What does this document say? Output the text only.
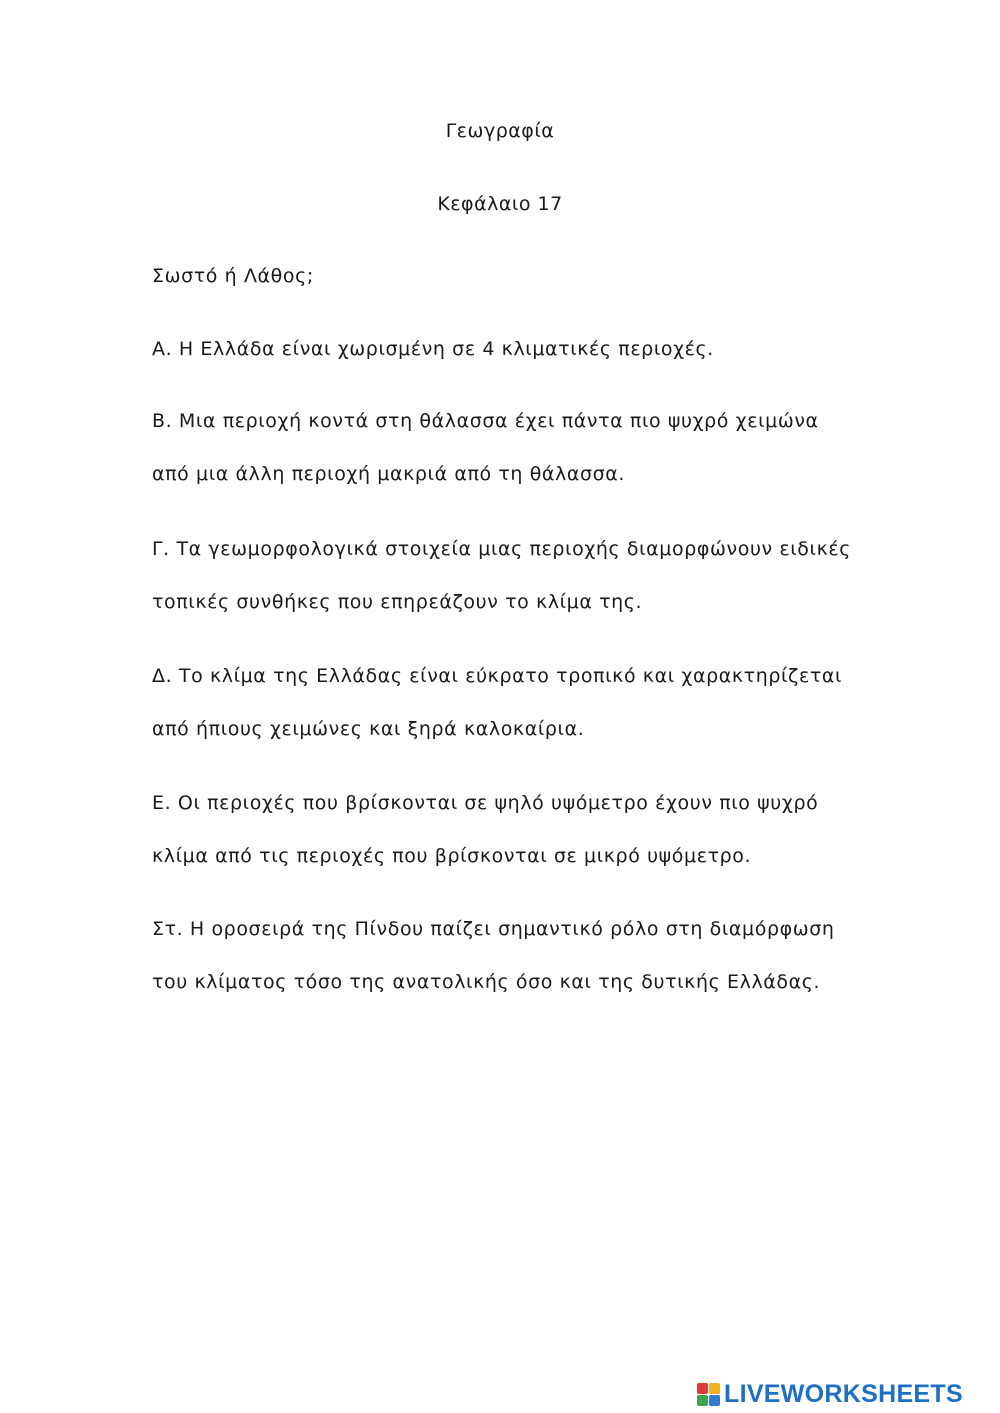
Γεωγραφία
Κεφάλαιο 17
Σωστό ή Λάθος;
Α. Η Ελλάδα είναι χωρισμένη σε 4 κλιματικές περιοχές.
Β. Μια περιοχή κοντά στη θάλασσα έχει πάντα πιο ψυχρό χειμώνα
από μια άλλη περιοχή μακριά από τη θάλασσα.
Γ. Τα γεωμορφολογικά στοιχεία μιας περιοχής διαμορφώνουν ειδικές
τοπικές συνθήκες που επηρεάζουν το κλίμα της.
Δ. Το κλίμα της Ελλάδας είναι εύκρατο τροπικό και χαρακτηρίζεται
από ήπιους χειμώνες και ξηρά καλοκαίρια.
Ε. Οι περιοχές που βρίσκονται σε ψηλό υψόμετρο έχουν πιο ψυχρό
κλίμα από τις περιοχές που βρίσκονται σε μικρό υψόμετρο.
Στ. Η οροσειρά της Πίνδου παίζει σημαντικό ρόλο στη διαμόρφωση
του κλίματος τόσο της ανατολικής όσο και της δυτικής Ελλάδας.
LIVEWORKSHEETS
